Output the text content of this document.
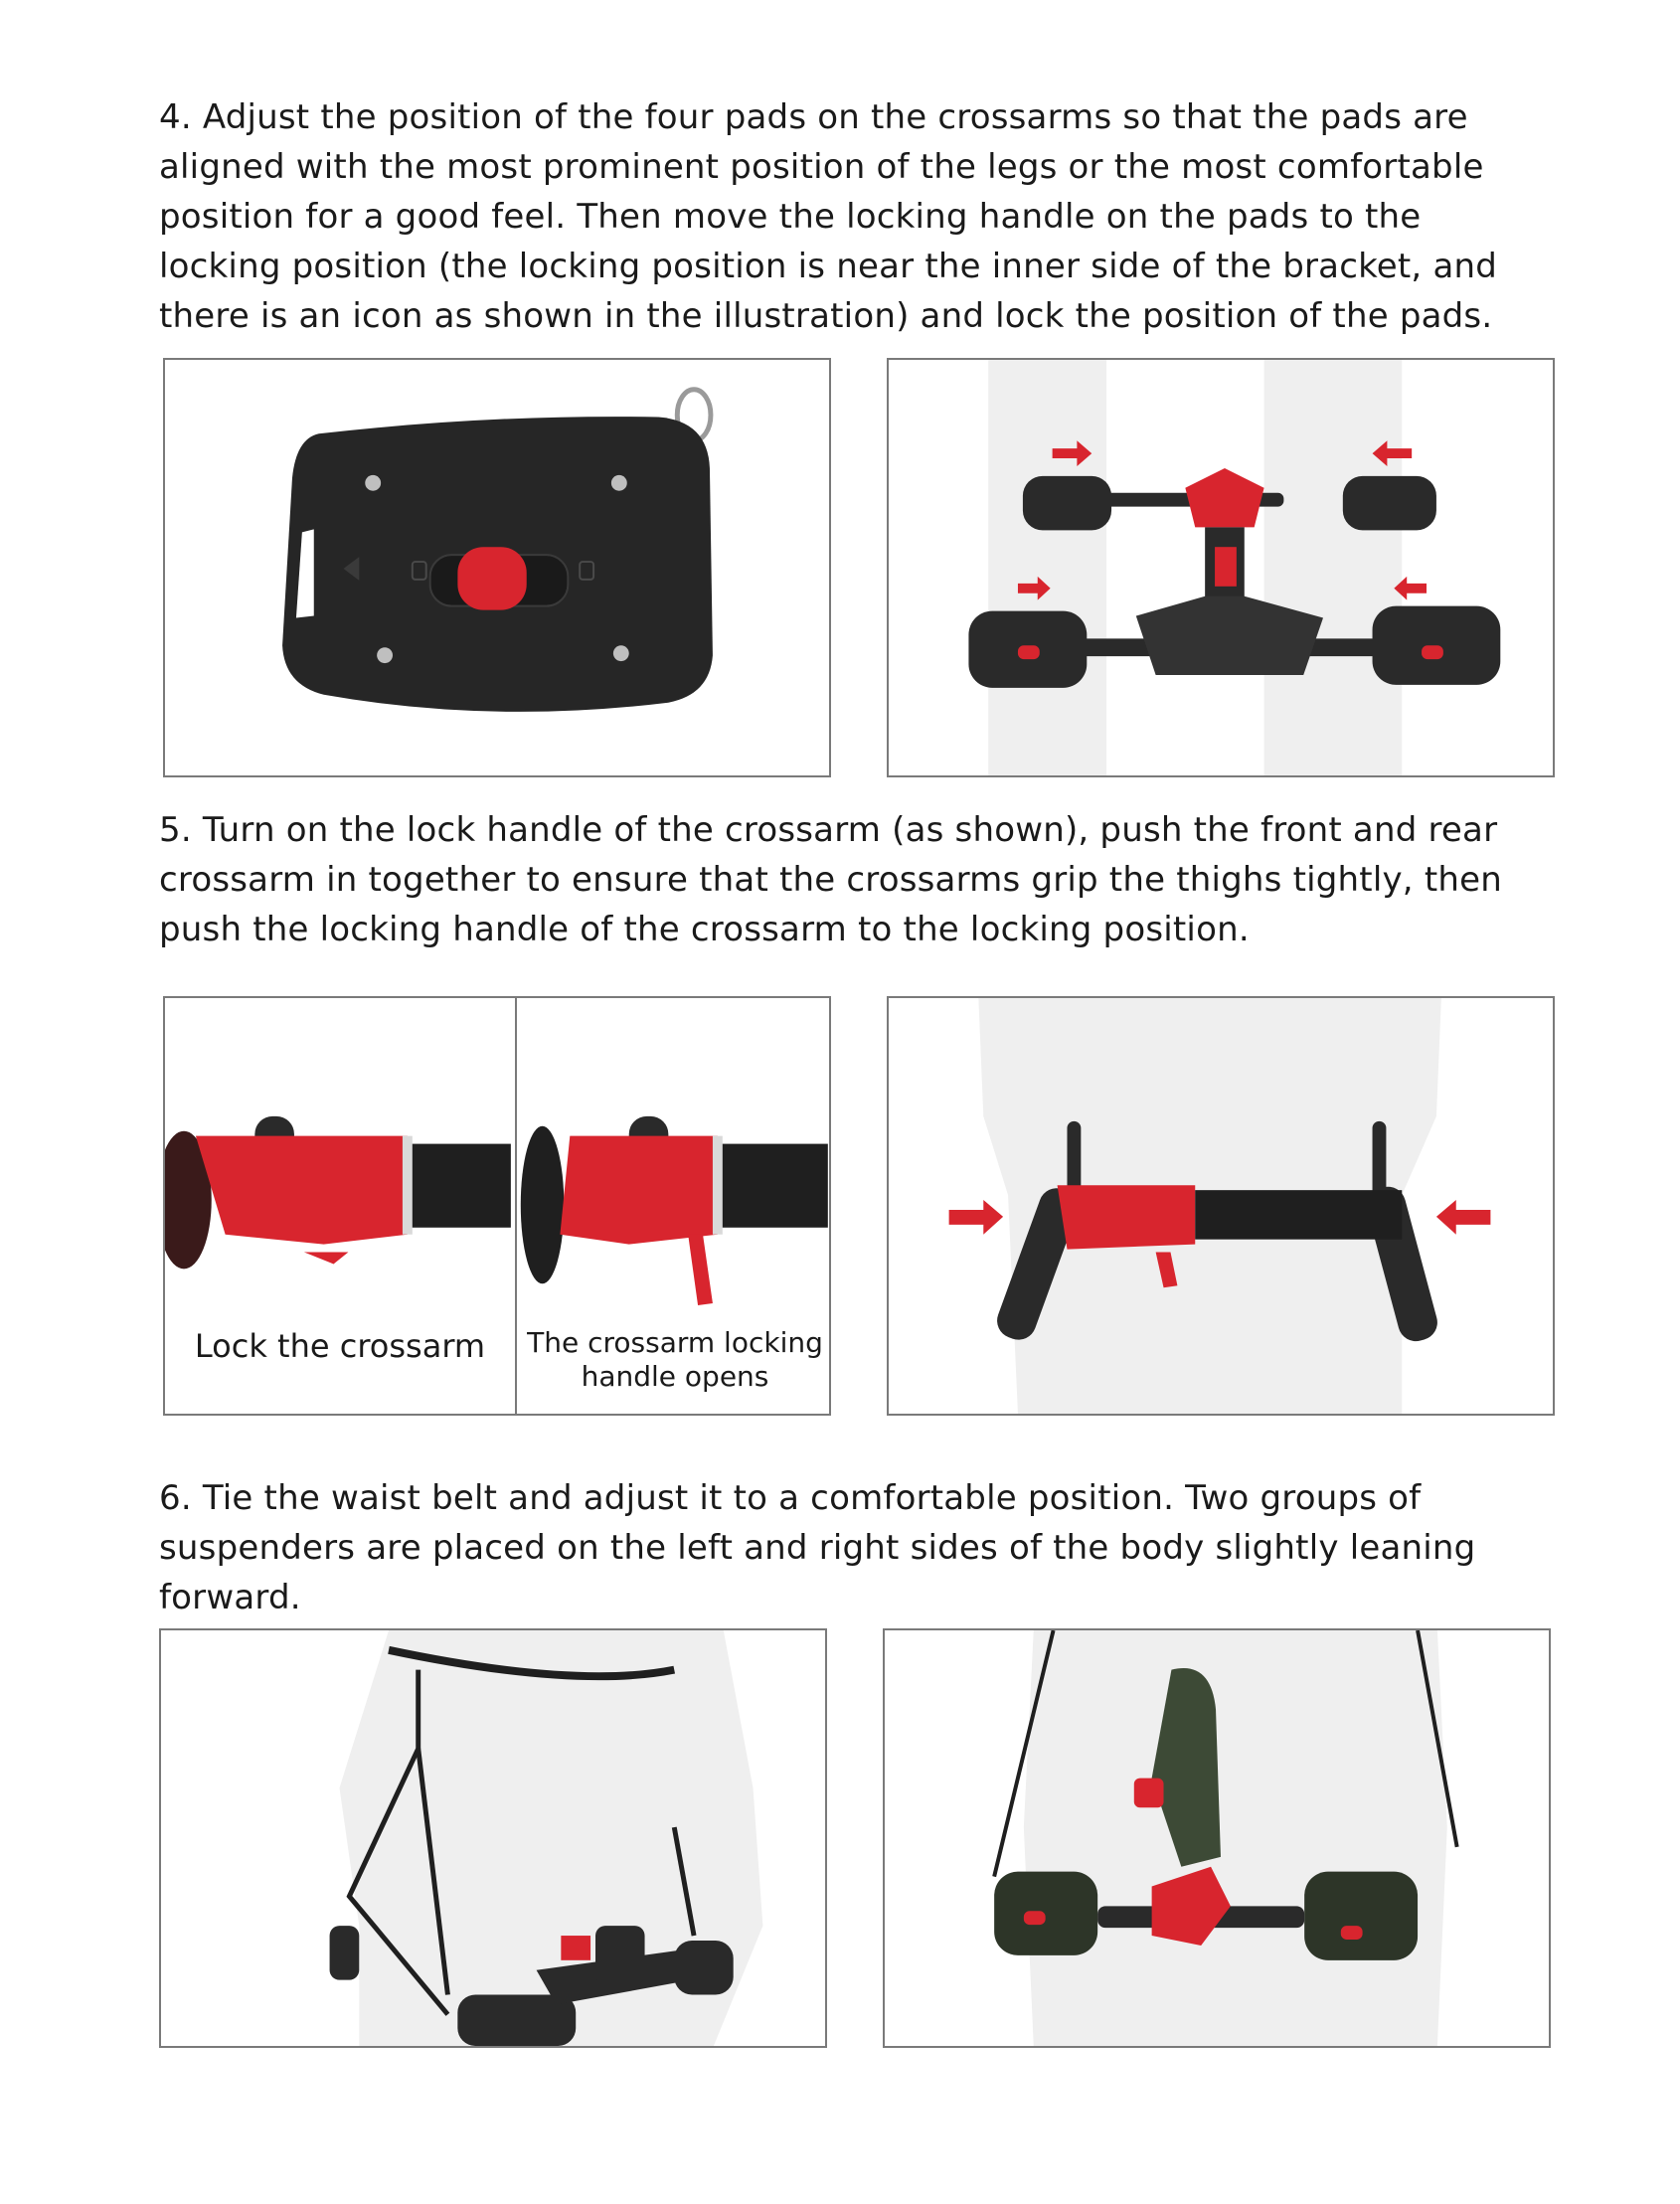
4. Adjust the position of the four pads on the crossarms so that the pads are aligned with the most prominent position of the legs or the most comfortable position for a good feel. Then move the locking handle on the pads to the locking position (the locking position is near the inner side of the bracket, and there is an icon as shown in the illustration) and lock the position of the pads.

5. Turn on the lock handle of the crossarm (as shown), push the front and rear crossarm in together to ensure that the crossarms grip the thighs tightly, then push the locking handle of the crossarm to the locking position.

Lock the crossarm	The crossarm locking
handle opens

6. Tie the waist belt and adjust it to a comfortable position. Two groups of suspenders are placed on the left and right sides of the body slightly leaning forward.
